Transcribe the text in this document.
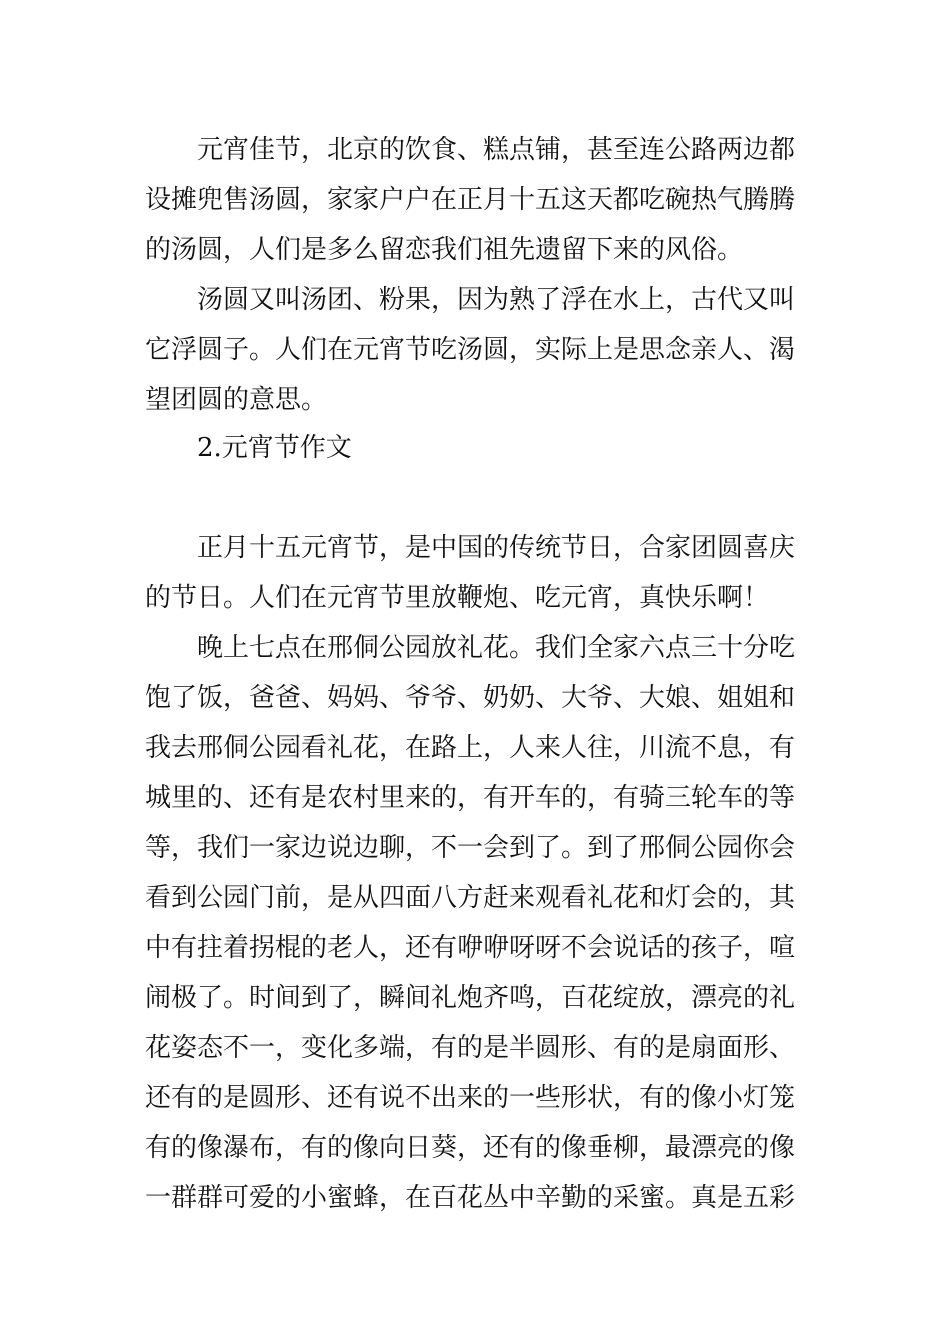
元宵佳节，北京的饮食、糕点铺，甚至连公路两边都

设摊兜售汤圆，家家户户在正月十五这天都吃碗热气腾腾

的汤圆，人们是多么留恋我们祖先遗留下来的风俗。

汤圆又叫汤团、粉果，因为熟了浮在水上，古代又叫

它浮圆子。人们在元宵节吃汤圆，实际上是思念亲人、渴

望团圆的意思。

2.元宵节作文

正月十五元宵节，是中国的传统节日，合家团圆喜庆

的节日。人们在元宵节里放鞭炮、吃元宵，真快乐啊！

晚上七点在邢侗公园放礼花。我们全家六点三十分吃

饱了饭，爸爸、妈妈、爷爷、奶奶、大爷、大娘、姐姐和

我去邢侗公园看礼花，在路上，人来人往，川流不息，有

城里的、还有是农村里来的，有开车的，有骑三轮车的等

等，我们一家边说边聊，不一会到了。到了邢侗公园你会

看到公园门前，是从四面八方赶来观看礼花和灯会的，其

中有拄着拐棍的老人，还有咿咿呀呀不会说话的孩子，喧

闹极了。时间到了，瞬间礼炮齐鸣，百花绽放，漂亮的礼

花姿态不一，变化多端，有的是半圆形、有的是扇面形、

还有的是圆形、还有说不出来的一些形状，有的像小灯笼

有的像瀑布，有的像向日葵，还有的像垂柳，最漂亮的像

一群群可爱的小蜜蜂，在百花丛中辛勤的采蜜。真是五彩
